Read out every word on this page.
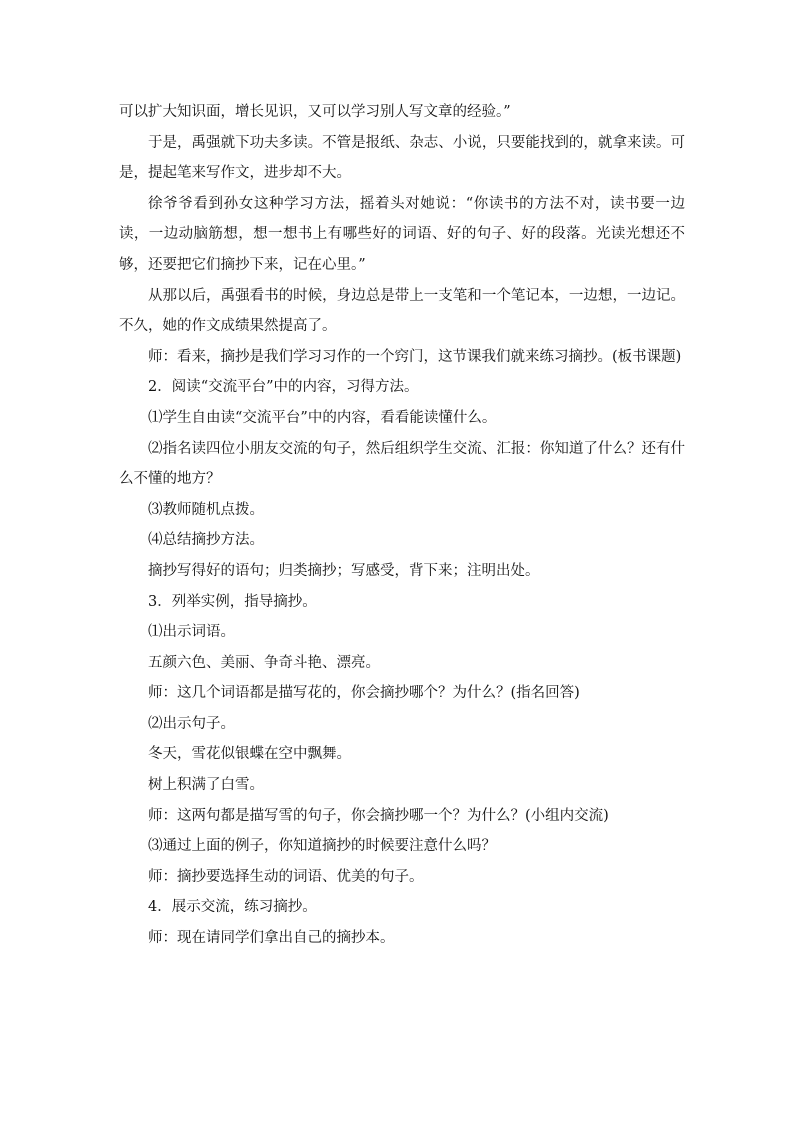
可以扩大知识面，增长见识，又可以学习别人写文章的经验。”

于是，禹强就下功夫多读。不管是报纸、杂志、小说，只要能找到的，就拿来读。可是，提起笔来写作文，进步却不大。

徐爷爷看到孙女这种学习方法，摇着头对她说：“你读书的方法不对，读书要一边读，一边动脑筋想，想一想书上有哪些好的词语、好的句子、好的段落。光读光想还不够，还要把它们摘抄下来，记在心里。”

从那以后，禹强看书的时候，身边总是带上一支笔和一个笔记本，一边想，一边记。不久，她的作文成绩果然提高了。

师：看来，摘抄是我们学习习作的一个窍门，这节课我们就来练习摘抄。(板书课题)

2．阅读“交流平台”中的内容，习得方法。

⑴学生自由读“交流平台”中的内容，看看能读懂什么。

⑵指名读四位小朋友交流的句子，然后组织学生交流、汇报：你知道了什么？还有什么不懂的地方？

⑶教师随机点拨。

⑷总结摘抄方法。

摘抄写得好的语句；归类摘抄；写感受，背下来；注明出处。

3．列举实例，指导摘抄。

⑴出示词语。

五颜六色、美丽、争奇斗艳、漂亮。

师：这几个词语都是描写花的，你会摘抄哪个？为什么？(指名回答)

⑵出示句子。

冬天，雪花似银蝶在空中飘舞。

树上积满了白雪。

师：这两句都是描写雪的句子，你会摘抄哪一个？为什么？(小组内交流)

⑶通过上面的例子，你知道摘抄的时候要注意什么吗？

师：摘抄要选择生动的词语、优美的句子。

4．展示交流，练习摘抄。

师：现在请同学们拿出自己的摘抄本。
